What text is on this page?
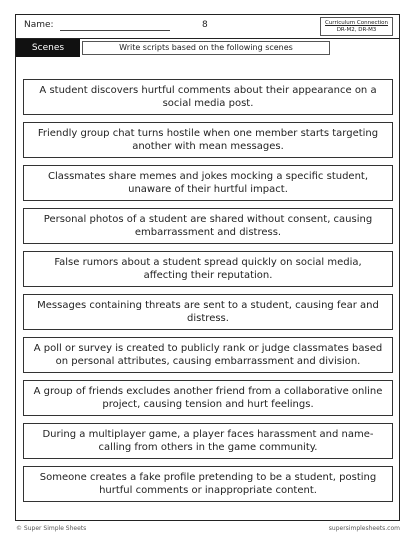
Name:	8	Curriculum Connection
DR-M2, DR-M3
Scenes	Write scripts based on the following scenes
A student discovers hurtful comments about their appearance on a social media post.
Friendly group chat turns hostile when one member starts targeting another with mean messages.
Classmates share memes and jokes mocking a specific student, unaware of their hurtful impact.
Personal photos of a student are shared without consent, causing embarrassment and distress.
False rumors about a student spread quickly on social media, affecting their reputation.
Messages containing threats are sent to a student, causing fear and distress.
A poll or survey is created to publicly rank or judge classmates based on personal attributes, causing embarrassment and division.
A group of friends excludes another friend from a collaborative online project, causing tension and hurt feelings.
During a multiplayer game, a player faces harassment and name-calling from others in the game community.
Someone creates a fake profile pretending to be a student, posting hurtful comments or inappropriate content.
© Super Simple Sheets	supersimplesheets.com
